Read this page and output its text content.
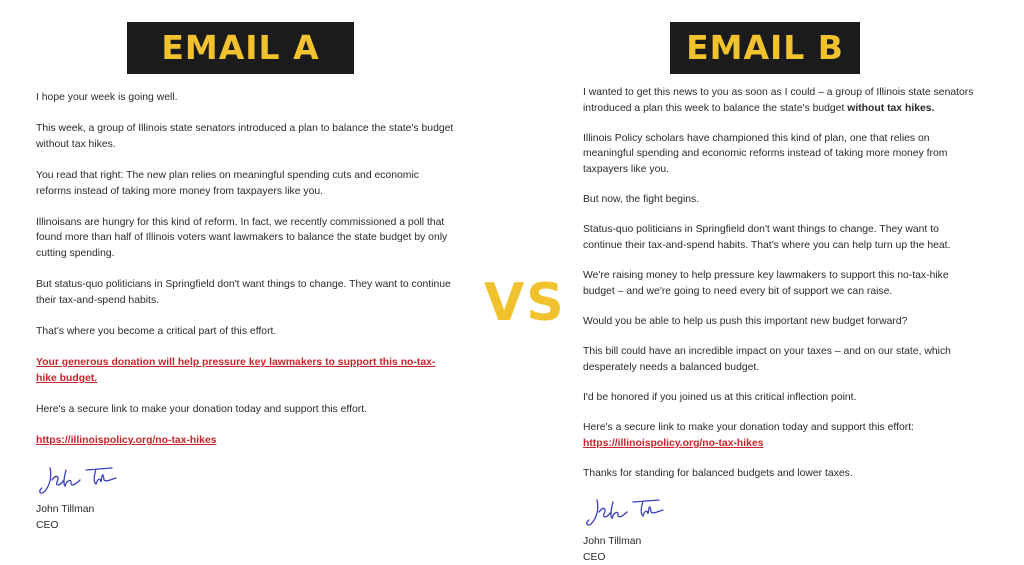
EMAIL A	EMAIL B
VS

I hope your week is going well.

This week, a group of Illinois state senators introduced a plan to balance the state's budget without tax hikes.

You read that right: The new plan relies on meaningful spending cuts and economic reforms instead of taking more money from taxpayers like you.

Illinoisans are hungry for this kind of reform. In fact, we recently commissioned a poll that found more than half of Illinois voters want lawmakers to balance the state budget by only cutting spending.

But status-quo politicians in Springfield don't want things to change. They want to continue their tax-and-spend habits.

That's where you become a critical part of this effort.

Your generous donation will help pressure key lawmakers to support this no-tax-hike budget.

Here's a secure link to make your donation today and support this effort.

https://illinoispolicy.org/no-tax-hikes

John Tillman

CEO

I wanted to get this news to you as soon as I could – a group of Illinois state senators introduced a plan this week to balance the state's budget without tax hikes.

Illinois Policy scholars have championed this kind of plan, one that relies on meaningful spending and economic reforms instead of taking more money from taxpayers like you.

But now, the fight begins.

Status-quo politicians in Springfield don't want things to change. They want to continue their tax-and-spend habits. That's where you can help turn up the heat.

We're raising money to help pressure key lawmakers to support this no-tax-hike budget – and we're going to need every bit of support we can raise.

Would you be able to help us push this important new budget forward?

This bill could have an incredible impact on your taxes – and on our state, which desperately needs a balanced budget.

I'd be honored if you joined us at this critical inflection point.

Here's a secure link to make your donation today and support this effort:
https://illinoispolicy.org/no-tax-hikes

Thanks for standing for balanced budgets and lower taxes.

John Tillman

CEO
